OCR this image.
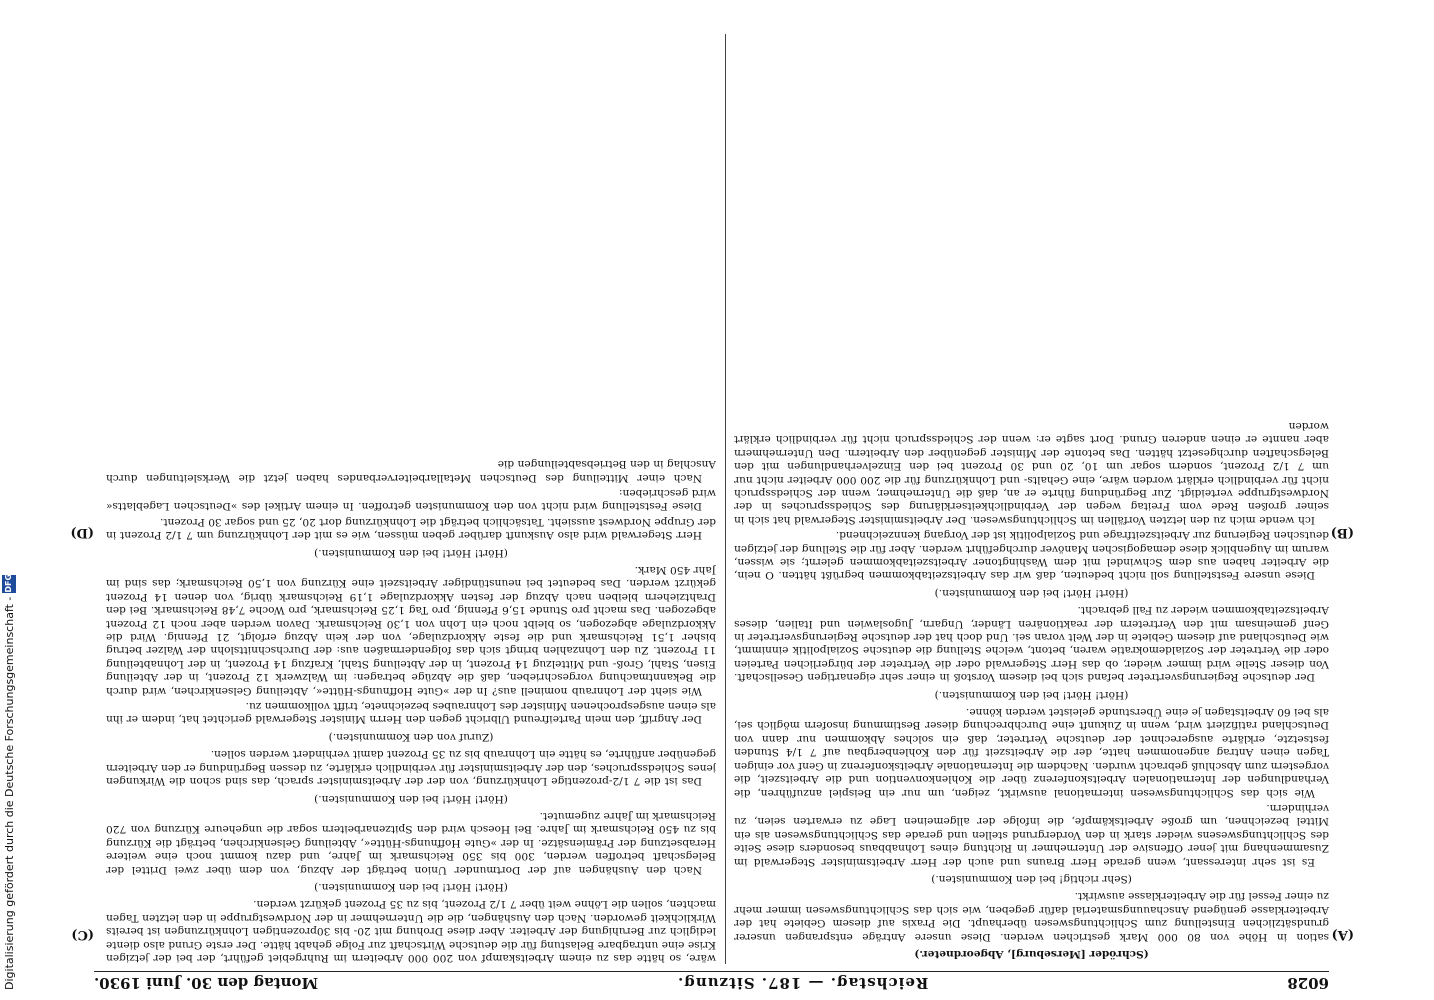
6028
Reichstag. — 187. Sitzung.
Montag den 30. Juni 1930.
(A)
(B)
(C)
(D)

(Schröder [Merseburg], Abgeordneter.)

sation in Höhe von 80 000 Mark gestrichen werden. Diese unsere Anträge entsprangen unserer grundsätzlichen Einstellung zum Schlichtungswesen überhaupt. Die Praxis auf diesem Gebiete hat der Arbeiterklasse genügend Anschauungsmaterial dafür gegeben, wie sich das Schlichtungswesen immer mehr zu einer Fessel für die Arbeiterklasse auswirkt.

(Sehr richtig! bei den Kommunisten.)

Es ist sehr interessant, wenn gerade Herr Brauns und auch der Herr Arbeitsminister Stegerwald im Zusammenhang mit jener Offensive der Unternehmer in Richtung eines Lohnabbaus besonders diese Seite des Schlichtungswesens wieder stark in den Vordergrund stellen und gerade das Schlichtungswesen als ein Mittel bezeichnen, um große Arbeitskämpfe, die infolge der allgemeinen Lage zu erwarten seien, zu verhindern.

Wie sich das Schlichtungswesen international auswirkt, zeigen, um nur ein Beispiel anzuführen, die Verhandlungen der Internationalen Arbeitskonferenz über die Kohlenkonvention und die Arbeitszeit, die vorgestern zum Abschluß gebracht wurden. Nachdem die Internationale Arbeitskonferenz in Genf vor einigen Tagen einen Antrag angenommen hatte, der die Arbeitszeit für den Kohlenbergbau auf 7 1/4 Stunden festsetzte, erklärte ausgerechnet der deutsche Vertreter, daß ein solches Abkommen nur dann von Deutschland ratifiziert wird, wenn in Zukunft eine Durchbrechung dieser Bestimmung insofern möglich sei, als bei 60 Arbeitstagen je eine Überstunde geleistet werden könne.

(Hört! Hört! bei den Kommunisten.)

Der deutsche Regierungsvertreter befand sich bei diesem Vorstoß in einer sehr eigenartigen Gesellschaft. Von dieser Stelle wird immer wieder, ob das Herr Stegerwald oder die Vertreter der bürgerlichen Parteien oder die Vertreter der Sozialdemokratie waren, betont, welche Stellung die deutsche Sozialpolitik einnimmt, wie Deutschland auf diesem Gebiete in der Welt voran sei. Und doch hat der deutsche Regierungsvertreter in Genf gemeinsam mit den Vertretern der reaktionären Länder, Ungarn, Jugoslawien und Italien, dieses Arbeitszeitabkommen wieder zu Fall gebracht.

(Hört! Hört! bei den Kommunisten.)

Diese unsere Feststellung soll nicht bedeuten, daß wir das Arbeitszeitabkommen begrüßt hätten. O nein, die Arbeiter haben aus dem Schwindel mit dem Washingtoner Arbeitszeitabkommen gelernt; sie wissen, warum im Augenblick diese demagogischen Manöver durchgeführt werden. Aber für die Stellung der jetzigen deutschen Regierung zur Arbeitszeitfrage und Sozialpolitik ist der Vorgang kennzeichnend.

Ich wende mich zu den letzten Vorfällen im Schlichtungswesen. Der Arbeitsminister Stegerwald hat sich in seiner großen Rede vom Freitag wegen der Verbindlichkeitserklärung des Schiedsspruches in der Nordwestgruppe verteidigt. Zur Begründung führte er an, daß die Unternehmer, wenn der Schiedsspruch nicht für verbindlich erklärt worden wäre, eine Gehalts- und Lohnkürzung für die 200 000 Arbeiter nicht nur um 7 1/2 Prozent, sondern sogar um 10, 20 und 30 Prozent bei den Einzelverhandlungen mit den Belegschaften durchgesetzt hätten. Das betonte der Minister gegenüber den Arbeitern. Den Unternehmern aber nannte er einen anderen Grund. Dort sagte er: wenn der Schiedsspruch nicht für verbindlich erklärt worden

wäre, so hätte das zu einem Arbeitskampf von 200 000 Arbeitern im Ruhrgebiet geführt, der bei der jetzigen Krise eine untragbare Belastung für die deutsche Wirtschaft zur Folge gehabt hätte. Der erste Grund also diente lediglich zur Beruhigung der Arbeiter. Aber diese Drohung mit 20- bis 30prozentigen Lohnkürzungen ist bereits Wirklichkeit geworden. Nach den Aushängen, die die Unternehmer in der Nordwestgruppe in den letzten Tagen machten, sollen die Löhne weit über 7 1/2 Prozent, bis zu 35 Prozent gekürzt werden.

(Hört! Hört! bei den Kommunisten.)

Nach den Aushängen auf der Dortmunder Union beträgt der Abzug, von dem über zwei Drittel der Belegschaft betroffen werden, 300 bis 350 Reichsmark im Jahre, und dazu kommt noch eine weitere Herabsetzung der Prämiensätze. In der »Gute Hoffnungs-Hütte«, Abteilung Gelsenkirchen, beträgt die Kürzung bis zu 450 Reichsmark im Jahre. Bei Hoesch wird den Spitzenarbeitern sogar die ungeheure Kürzung von 720 Reichsmark im Jahre zugemutet.

(Hört! Hört! bei den Kommunisten.)

Das ist die 7 1/2-prozentige Lohnkürzung, von der der Arbeitsminister sprach, das sind schon die Wirkungen jenes Schiedsspruches, den der Arbeitsminister für verbindlich erklärte, zu dessen Begründung er den Arbeitern gegenüber anführte, es hätte ein Lohnraub bis zu 35 Prozent damit verhindert werden sollen.

(Zuruf von den Kommunisten.)

Der Angriff, den mein Parteifreund Ulbricht gegen den Herrn Minister Stegerwald gerichtet hat, indem er ihn als einen ausgesprochenen Minister des Lohnraubes bezeichnete, trifft vollkommen zu.

Wie sieht der Lohnraub nominell aus? In der »Gute Hoffnungs-Hütte«, Abteilung Gelsenkirchen, wird durch die Bekanntmachung vorgeschrieben, daß die Abzüge betragen: im Walzwerk 12 Prozent, in der Abteilung Eisen, Stahl, Groß- und Mittelzug 14 Prozent, in der Abteilung Stahl, Krafzug 14 Prozent, in der Lohnabteilung 11 Prozent. Zu den Lohnzahlen bringt sich das folgendermaßen aus: der Durchschnittslohn der Walzer betrug bisher 1,51 Reichsmark und die feste Akkordzulage, von der kein Abzug erfolgt, 21 Pfennig. Wird die Akkordzulage abgezogen, so bleibt noch ein Lohn von 1,30 Reichsmark. Davon werden aber noch 12 Prozent abgezogen. Das macht pro Stunde 15,6 Pfennig, pro Tag 1,25 Reichsmark, pro Woche 7,48 Reichsmark. Bei den Drahtziehern bleiben nach Abzug der festen Akkordzulage 1,19 Reichsmark übrig, von denen 14 Prozent gekürzt werden. Das bedeutet bei neunstündiger Arbeitszeit eine Kürzung von 1,50 Reichsmark; das sind im Jahr 450 Mark.

(Hört! Hört! bei den Kommunisten.)

Herr Stegerwald wird also Auskunft darüber geben müssen, wie es mit der Lohnkürzung um 7 1/2 Prozent in der Gruppe Nordwest aussieht. Tatsächlich beträgt die Lohnkürzung dort 20, 25 und sogar 30 Prozent.

Diese Feststellung wird nicht von den Kommunisten getroffen. In einem Artikel des »Deutschen Lageblatts« wird geschrieben:

Nach einer Mitteilung des Deutschen Metallarbeiterverbandes haben jetzt die Werksleitungen durch Anschlag in den Betriebsabteilungen die

Digitalisierung gefördert durch die Deutsche Forschungsgemeinschaft -
DFG
